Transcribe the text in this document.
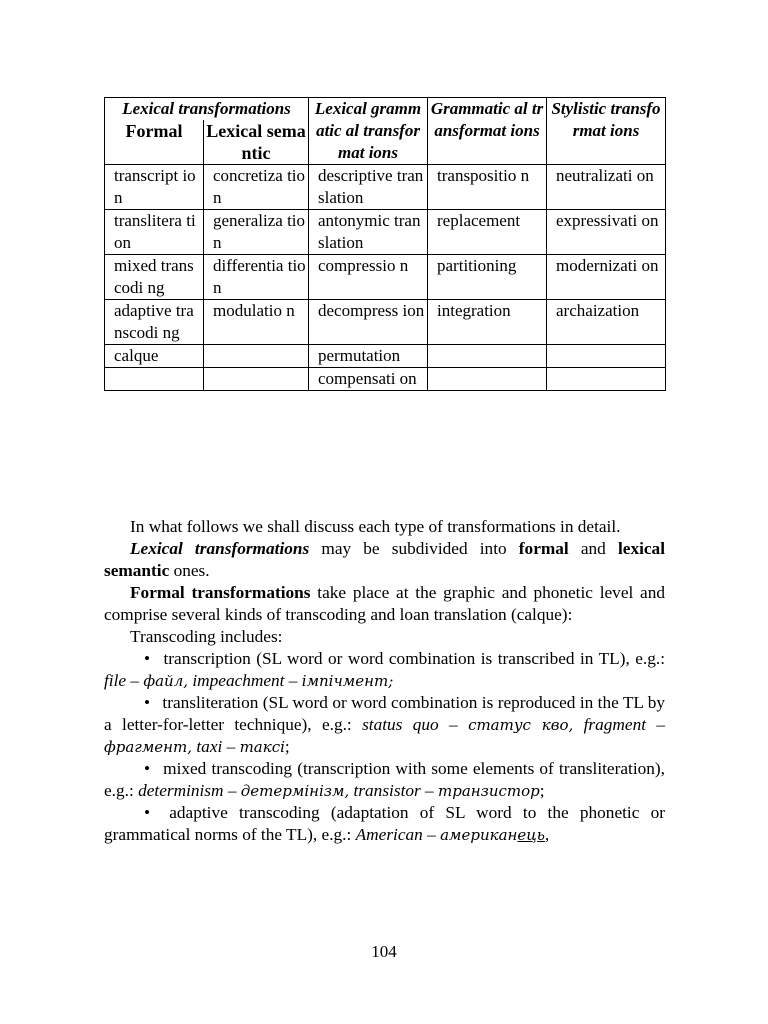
Lexical transformations		Lexical grammatic al transformat ions	Grammatic al transformat ions	Stylistic transformat ions
Formal	Lexical semantic			
transcript ion	concretiza tion	descriptive translation	transpositio n	neutralizati on
translitera tion	generaliza tion	antonymic translation	replacement	expressivati on
mixed transcodi ng	differentia tion	compressio n	partitioning	modernizati on
adaptive transcodi ng	modulatio n	decompress ion	integration	archaization
calque		permutation		
		compensati on		

In what follows we shall discuss each type of transformations in detail.

Lexical transformations may be subdivided into formal and lexical semantic ones.

Formal transformations take place at the graphic and phonetic level and comprise several kinds of transcoding and loan translation (calque):

Transcoding includes:

• transcription (SL word or word combination is transcribed in TL), e.g.: file – файл, impeachment – імпічмент;

• transliteration (SL word or word combination is reproduced in the TL by a letter-for-letter technique), e.g.: status quo – статус кво, fragment – фрагмент, taxi – таксі;

• mixed transcoding (transcription with some elements of transliteration), e.g.: determinism – детермінізм, transistor – транзистор;

• adaptive transcoding (adaptation of SL word to the phonetic or grammatical norms of the TL), e.g.: American – американець,

104
